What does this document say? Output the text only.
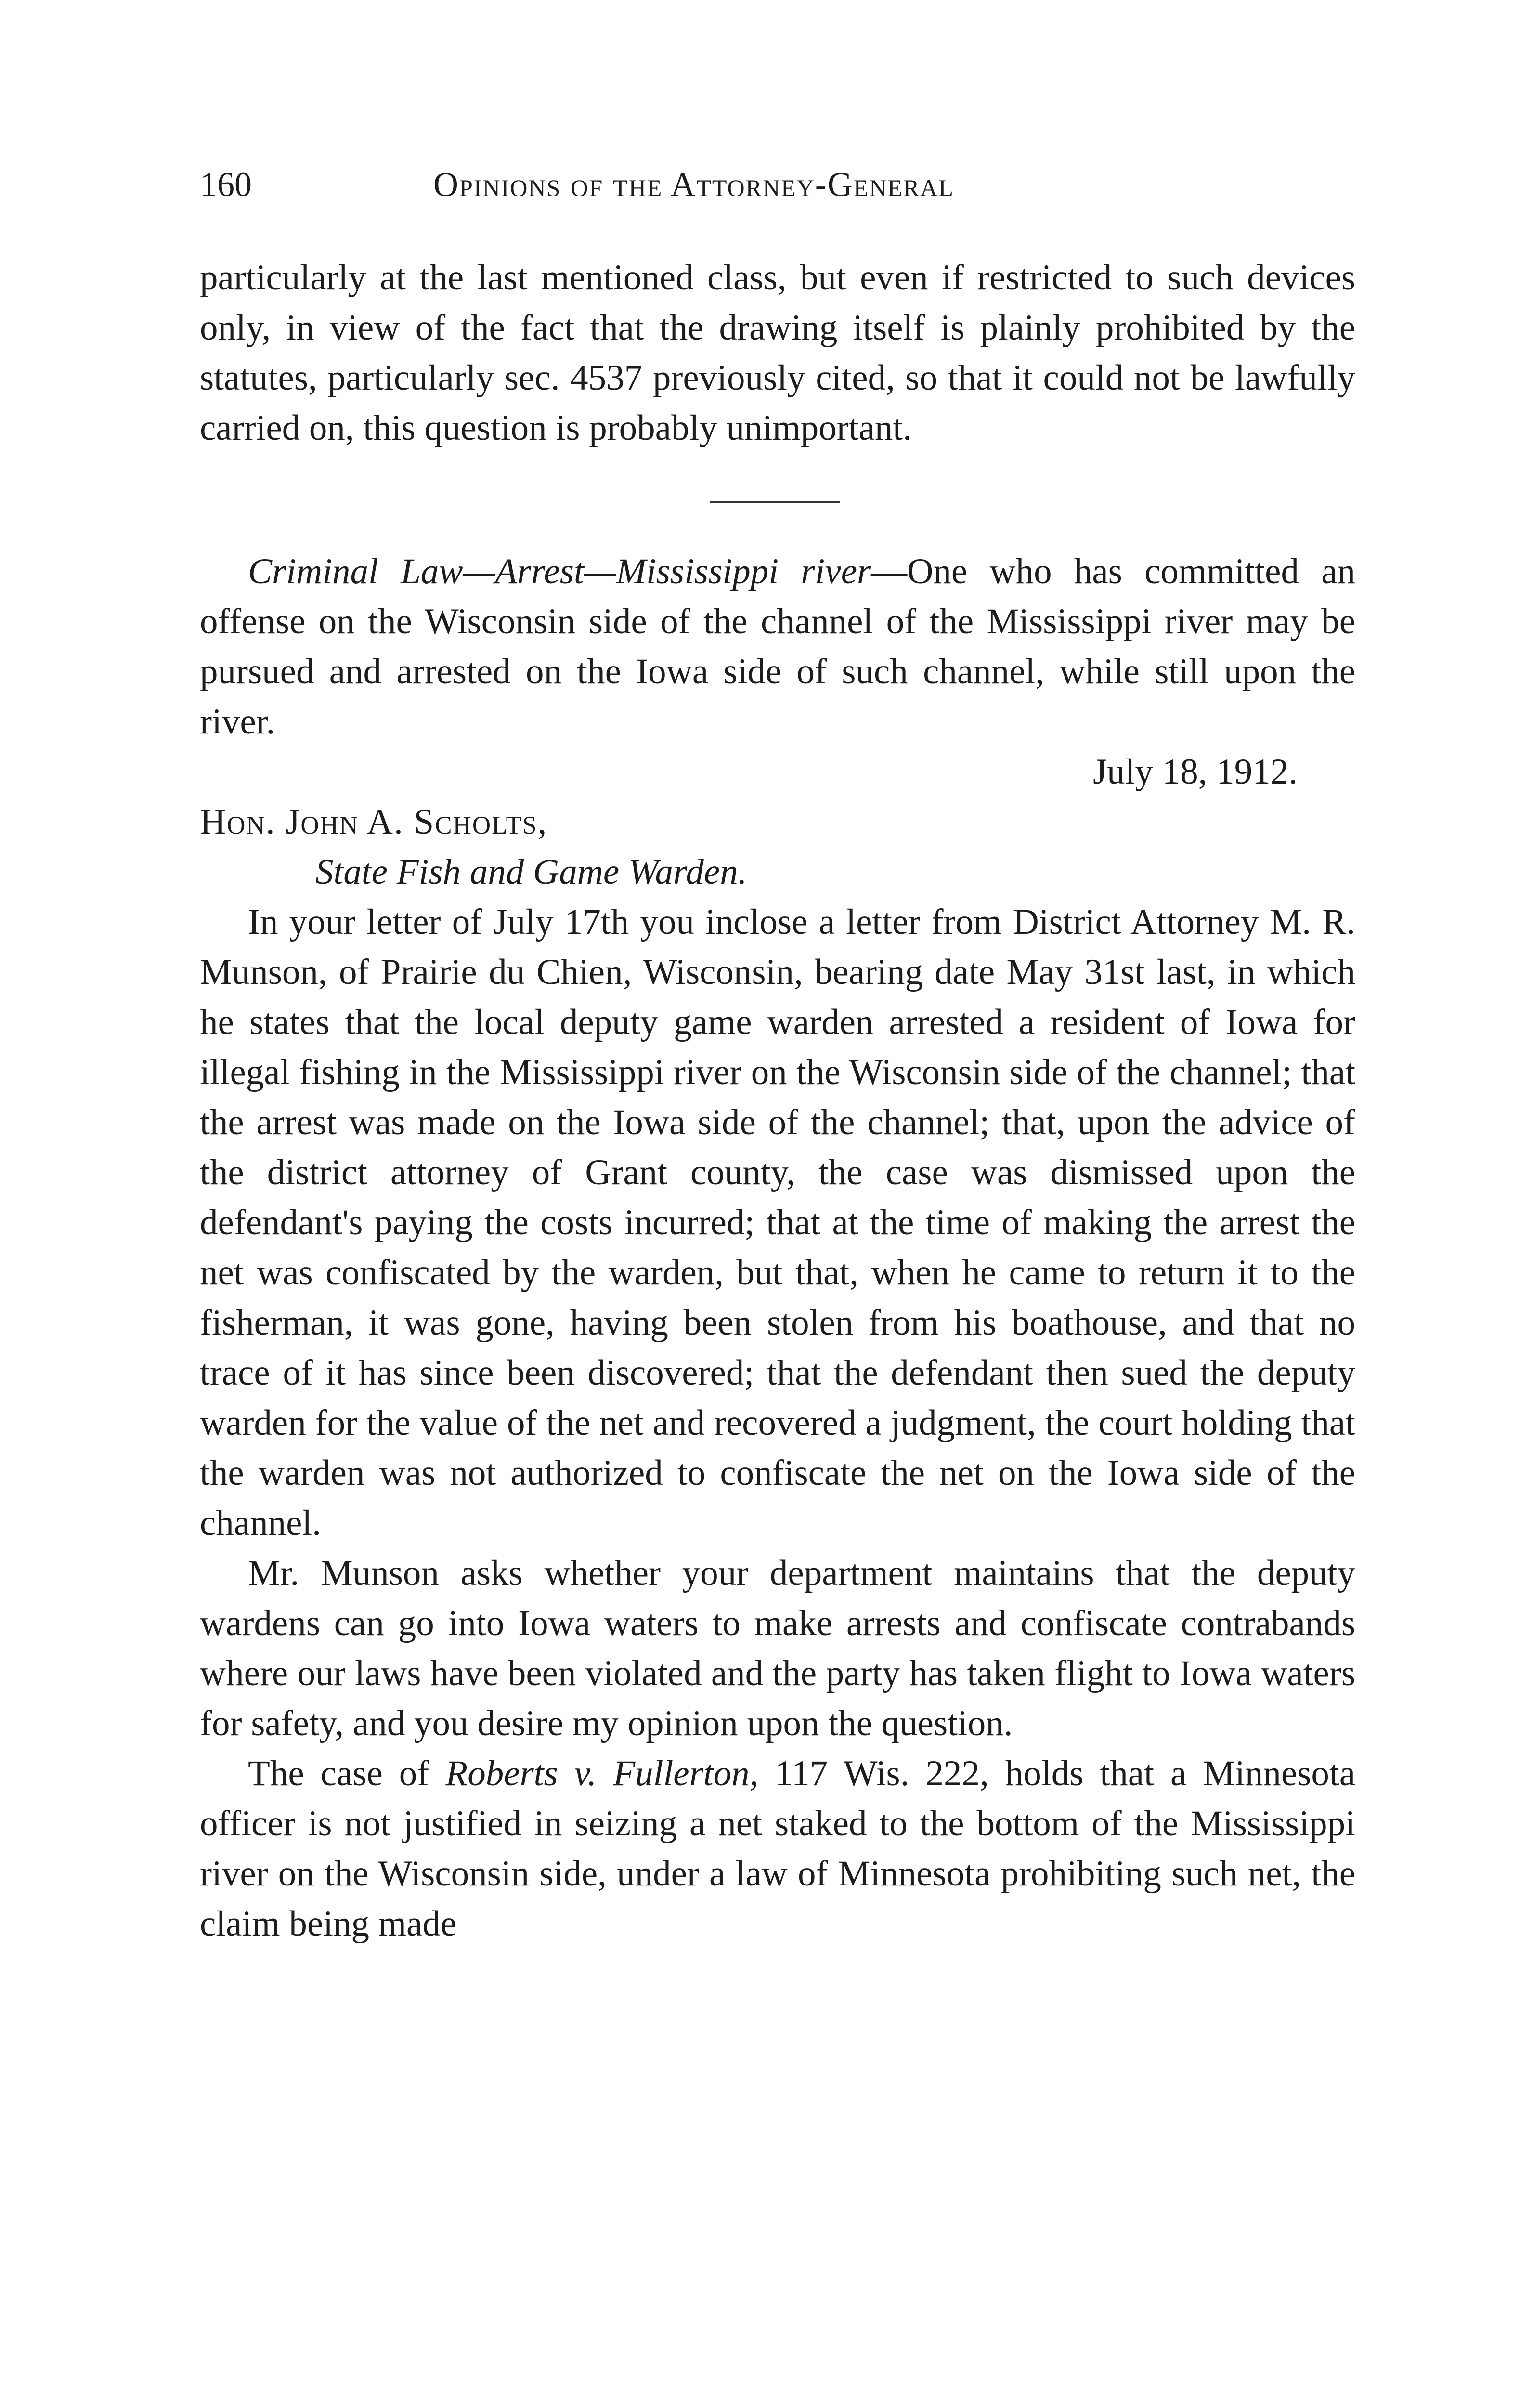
160	Opinions of the Attorney-General

particularly at the last mentioned class, but even if restricted to such devices only, in view of the fact that the drawing itself is plainly prohibited by the statutes, particularly sec. 4537 previously cited, so that it could not be lawfully carried on, this question is probably unimportant.

Criminal Law—Arrest—Mississippi river—One who has committed an offense on the Wisconsin side of the channel of the Mississippi river may be pursued and arrested on the Iowa side of such channel, while still upon the river.

July 18, 1912.

Hon. John A. Scholts,

State Fish and Game Warden.

In your letter of July 17th you inclose a letter from District Attorney M. R. Munson, of Prairie du Chien, Wisconsin, bearing date May 31st last, in which he states that the local deputy game warden arrested a resident of Iowa for illegal fishing in the Mississippi river on the Wisconsin side of the channel; that the arrest was made on the Iowa side of the channel; that, upon the advice of the district attorney of Grant county, the case was dismissed upon the defendant's paying the costs incurred; that at the time of making the arrest the net was confiscated by the warden, but that, when he came to return it to the fisherman, it was gone, having been stolen from his boathouse, and that no trace of it has since been discovered; that the defendant then sued the deputy warden for the value of the net and recovered a judgment, the court holding that the warden was not authorized to confiscate the net on the Iowa side of the channel.

Mr. Munson asks whether your department maintains that the deputy wardens can go into Iowa waters to make arrests and confiscate contrabands where our laws have been violated and the party has taken flight to Iowa waters for safety, and you desire my opinion upon the question.

The case of Roberts v. Fullerton, 117 Wis. 222, holds that a Minnesota officer is not justified in seizing a net staked to the bottom of the Mississippi river on the Wisconsin side, under a law of Minnesota prohibiting such net, the claim being made
